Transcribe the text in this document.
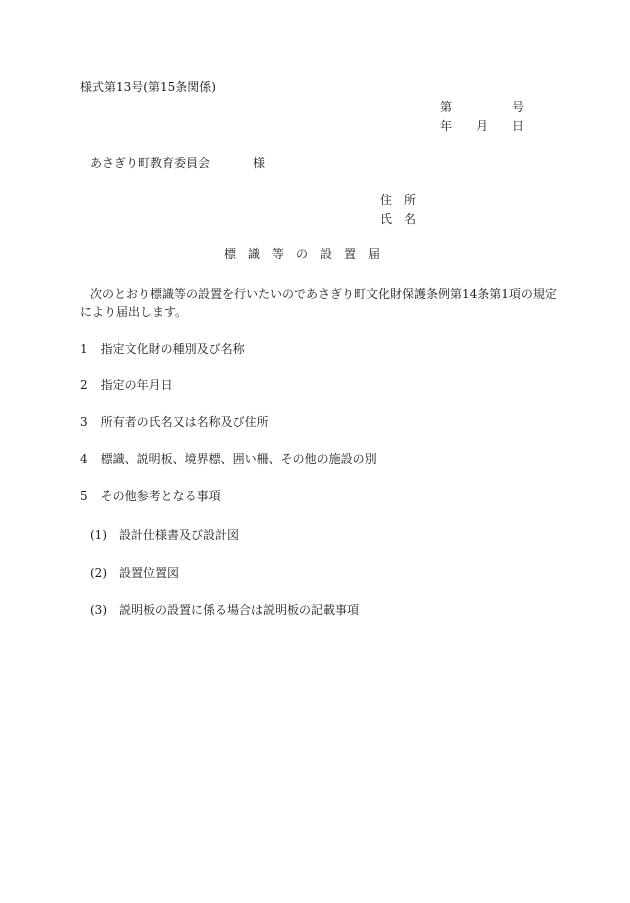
様式第13号(第15条関係)
第	号
年 月 日
あさぎり町教育委員会	様
住　所
氏　名
標　識　等　の　設　置　届
次のとおり標識等の設置を行いたいのであさぎり町文化財保護条例第14条第1項の規定
により届出します。
1 指定文化財の種別及び名称
2 指定の年月日
3 所有者の氏名又は名称及び住所
4 標識、説明板、境界標、囲い柵、その他の施設の別
5 その他参考となる事項
(1) 設計仕様書及び設計図
(2) 設置位置図
(3) 説明板の設置に係る場合は説明板の記載事項
